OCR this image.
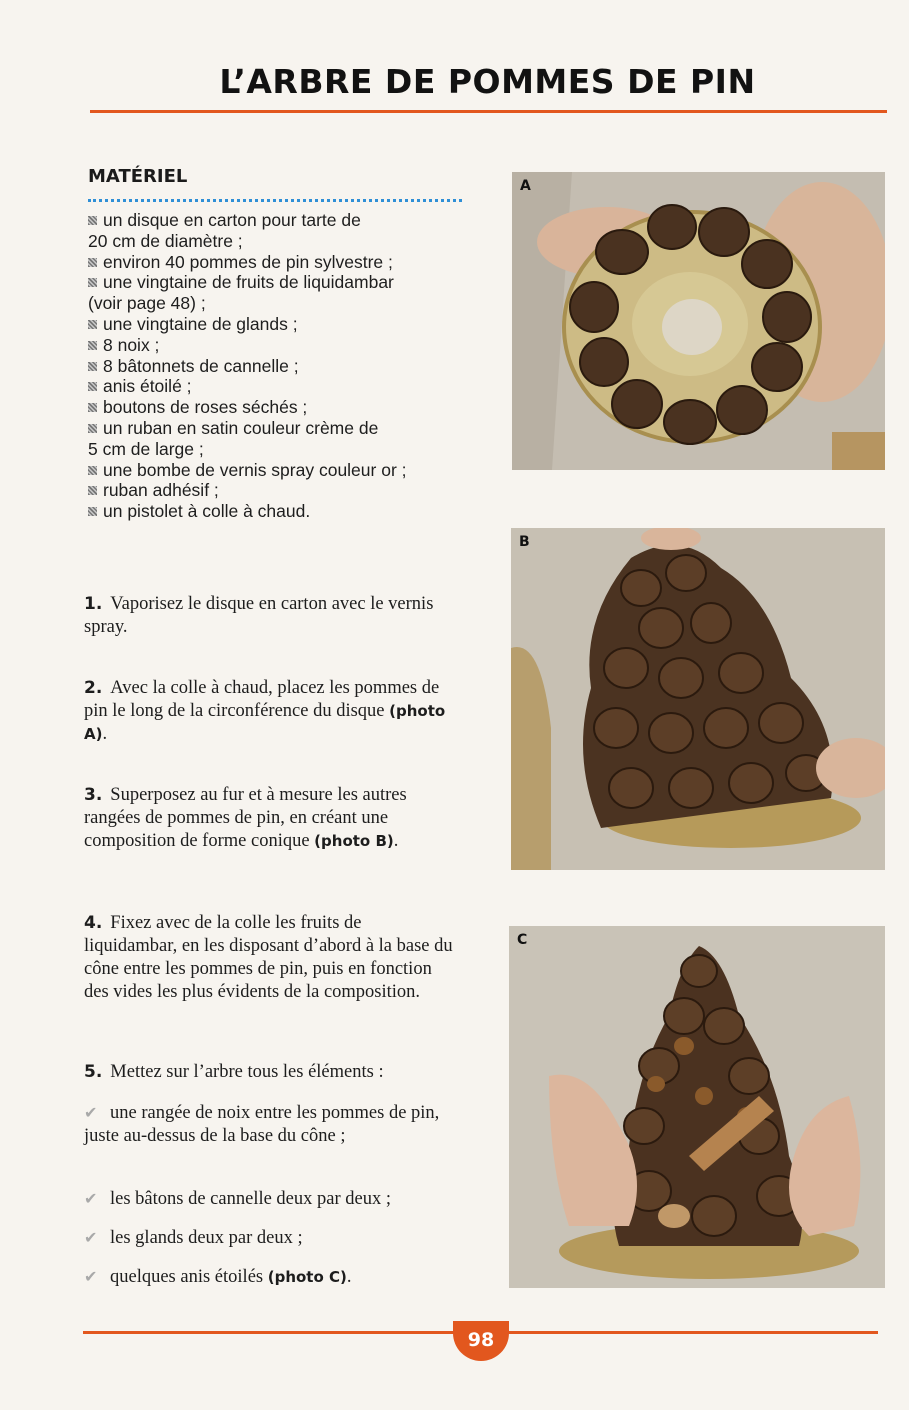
L’ARBRE DE POMMES DE PIN
MATÉRIEL
un disque en carton pour tarte de
20 cm de diamètre ;
environ 40 pommes de pin sylvestre ;
une vingtaine de fruits de liquidambar
(voir page 48) ;
une vingtaine de glands ;
8 noix ;
8 bâtonnets de cannelle ;
anis étoilé ;
boutons de roses séchés ;
un ruban en satin couleur crème de
5 cm de large ;
une bombe de vernis spray couleur or ;
ruban adhésif ;
un pistolet à colle à chaud.
1. Vaporisez le disque en carton avec le vernis spray.
2. Avec la colle à chaud, placez les pommes de pin le long de la circonférence du disque (photo A).
3. Superposez au fur et à mesure les autres rangées de pommes de pin, en créant une composition de forme conique (photo B).
4. Fixez avec de la colle les fruits de liquidambar, en les disposant d’abord à la base du cône entre les pommes de pin, puis en fonction des vides les plus évidents de la composition.
5. Mettez sur l’arbre tous les éléments :
✔ une rangée de noix entre les pommes de pin, juste au-dessus de la base du cône ;
✔ les bâtons de cannelle deux par deux ;
✔ les glands deux par deux ;
✔ quelques anis étoilés (photo C).
A
B
C
98
